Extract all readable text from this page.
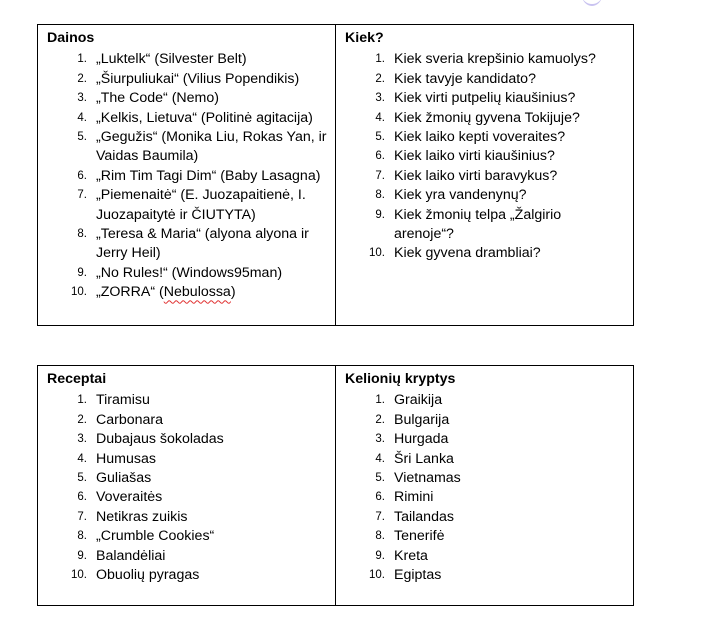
Dainos

1. „Luktelk“ (Silvester Belt)
2. „Šiurpuliukai“ (Vilius Popendikis)
3. „The Code“ (Nemo)
4. „Kelkis, Lietuva“ (Politinė agitacija)
5. „Gegužis“ (Monika Liu, Rokas Yan, ir Vaidas Baumila)
6. „Rim Tim Tagi Dim“ (Baby Lasagna)
7. „Piemenaitė“ (E. Juozapaitienė, I. Juozapaitytė ir ČIUTYTA)
8. „Teresa & Maria“ (alyona alyona ir Jerry Heil)
9. „No Rules!“ (Windows95man)
10. „ZORRA“ (Nebulossa)

Kiek?

1. Kiek sveria krepšinio kamuolys?
2. Kiek tavyje kandidato?
3. Kiek virti putpelių kiaušinius?
4. Kiek žmonių gyvena Tokijuje?
5. Kiek laiko kepti voveraites?
6. Kiek laiko virti kiaušinius?
7. Kiek laiko virti baravykus?
8. Kiek yra vandenynų?
9. Kiek žmonių telpa „Žalgirio arenoje“?
10. Kiek gyvena drambliai?

Receptai

1. Tiramisu
2. Carbonara
3. Dubajaus šokoladas
4. Humusas
5. Guliašas
6. Voveraitės
7. Netikras zuikis
8. „Crumble Cookies“
9. Balandėliai
10. Obuolių pyragas

Kelionių kryptys

1. Graikija
2. Bulgarija
3. Hurgada
4. Šri Lanka
5. Vietnamas
6. Rimini
7. Tailandas
8. Tenerifė
9. Kreta
10. Egiptas
